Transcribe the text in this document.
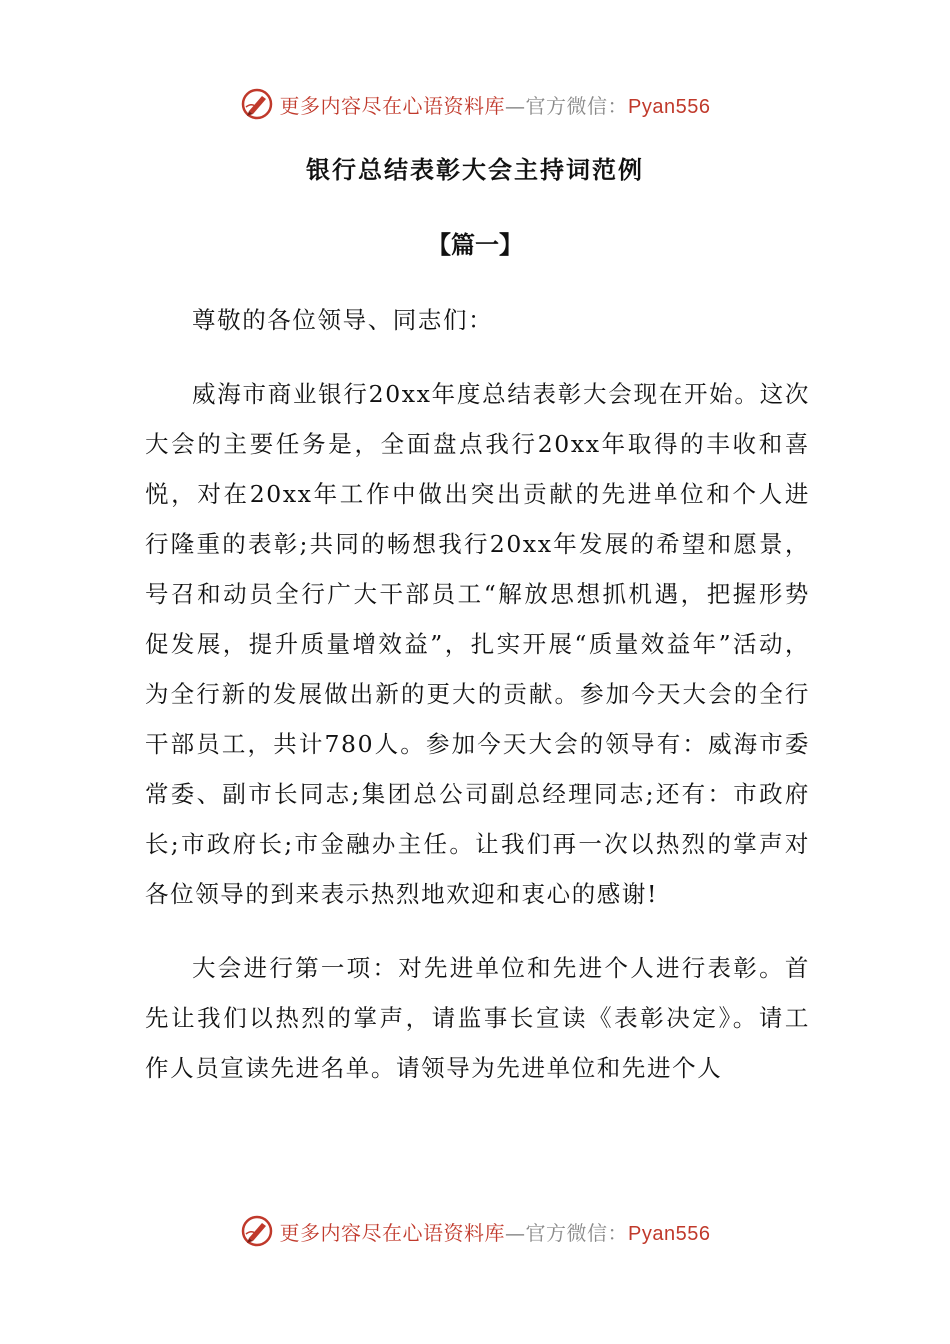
更多内容尽在心语资料库—官方微信：Pyan556
银行总结表彰大会主持词范例
【篇一】

尊敬的各位领导、同志们：

威海市商业银行20xx年度总结表彰大会现在开始。这次大会的主要任务是，全面盘点我行20xx年取得的丰收和喜悦，对在20xx年工作中做出突出贡献的先进单位和个人进行隆重的表彰;共同的畅想我行20xx年发展的希望和愿景，号召和动员全行广大干部员工“解放思想抓机遇，把握形势促发展，提升质量增效益”，扎实开展“质量效益年”活动，为全行新的发展做出新的更大的贡献。参加今天大会的全行干部员工，共计780人。参加今天大会的领导有：威海市委常委、副市长同志;集团总公司副总经理同志;还有：市政府长;市政府长;市金融办主任。让我们再一次以热烈的掌声对各位领导的到来表示热烈地欢迎和衷心的感谢!

大会进行第一项：对先进单位和先进个人进行表彰。首先让我们以热烈的掌声，请监事长宣读《表彰决定》。请工作人员宣读先进名单。请领导为先进单位和先进个人

更多内容尽在心语资料库—官方微信：Pyan556
